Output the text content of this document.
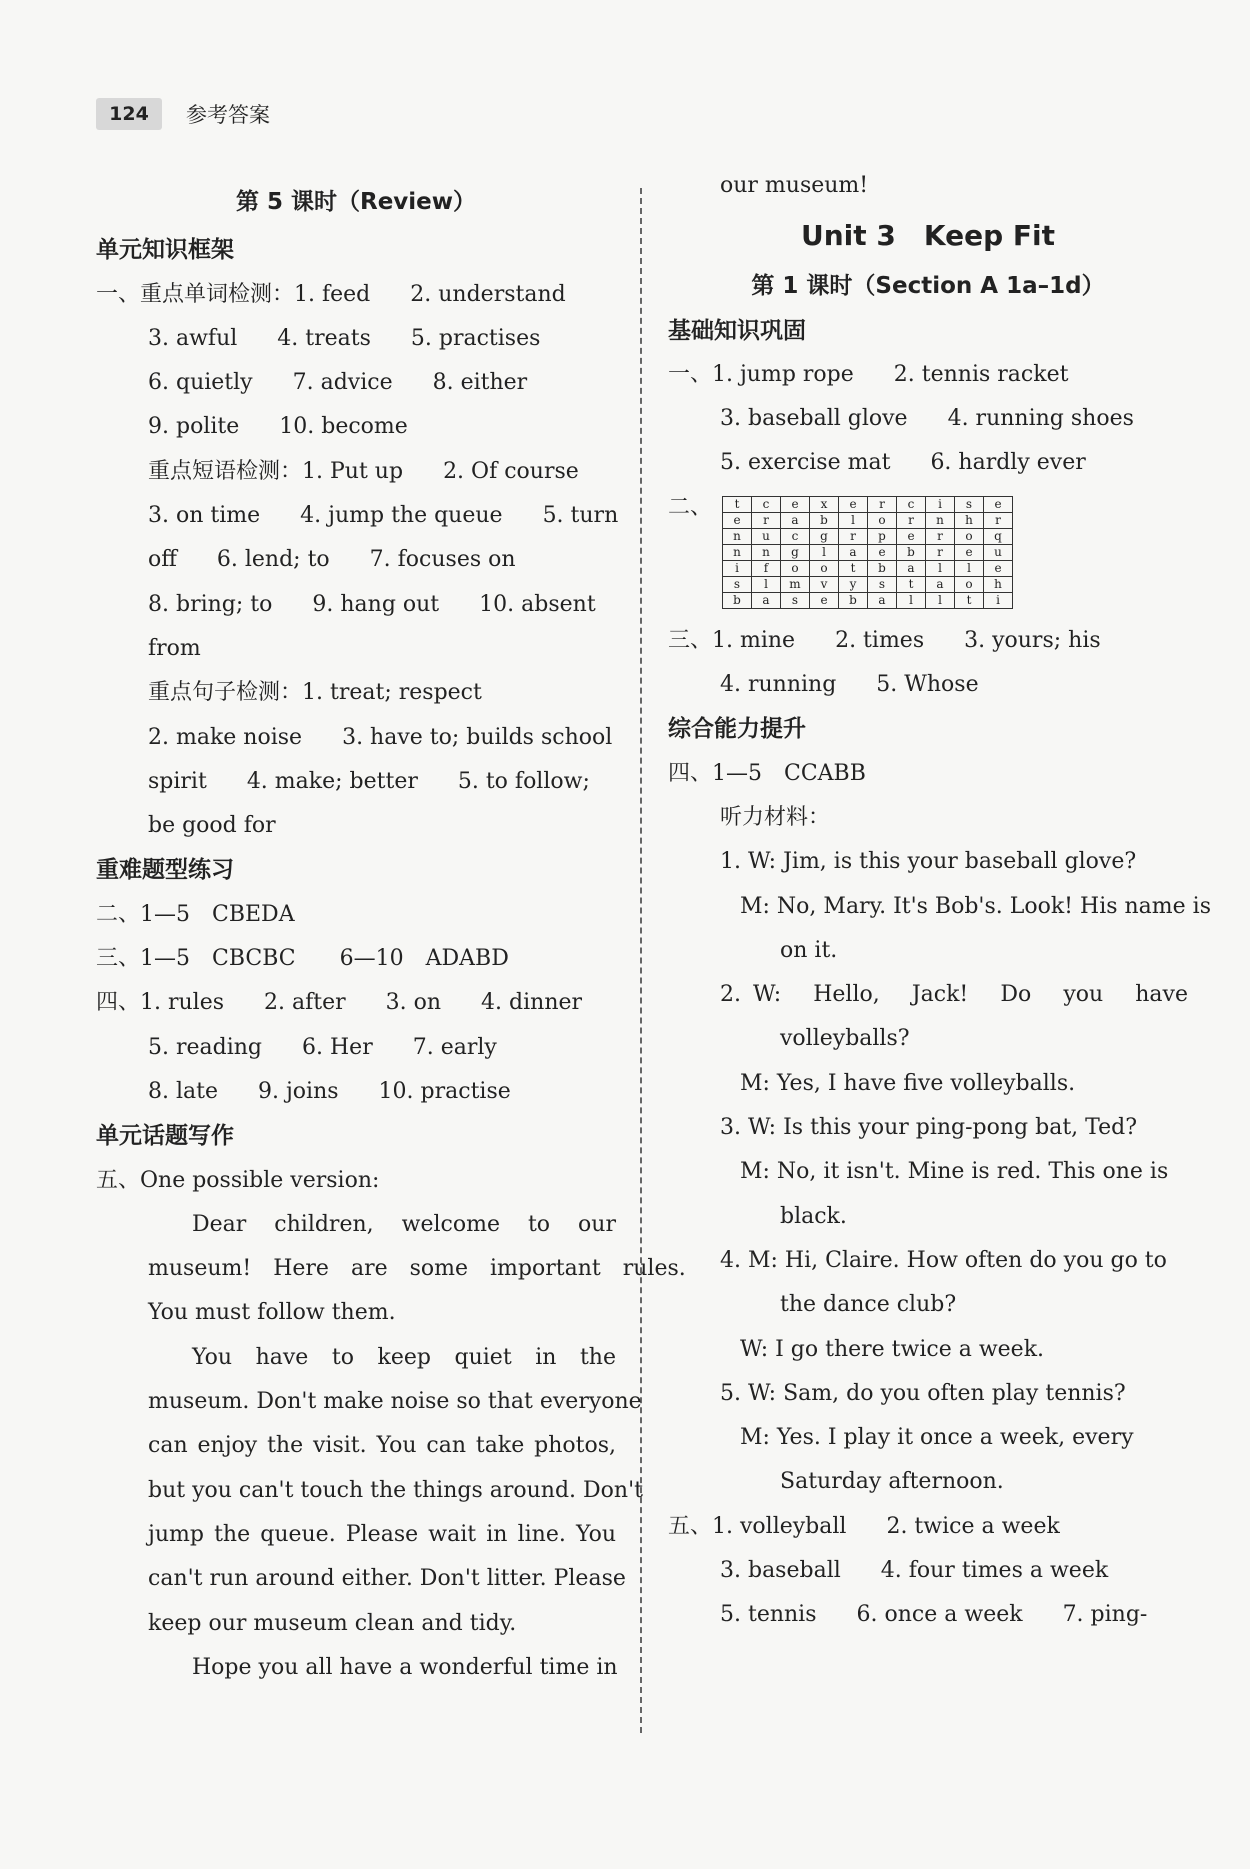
124	参考答案
第 5 课时（Review）
单元知识框架
一、重点单词检测：1. feed 2. understand
3. awful 4. treats 5. practises
6. quietly 7. advice 8. either
9. polite 10. become
重点短语检测：1. Put up 2. Of course
3. on time 4. jump the queue 5. turn
off 6. lend; to 7. focuses on
8. bring; to 9. hang out 10. absent
from
重点句子检测：1. treat; respect
2. make noise 3. have to; builds school
spirit 4. make; better 5. to follow;
be good for
重难题型练习
二、1—5　CBEDA
三、1—5　CBCBC　　6—10　ADABD
四、1. rules 2. after 3. on 4. dinner
5. reading 6. Her 7. early
8. late 9. joins 10. practise
单元话题写作
五、One possible version:
Dear　children,　welcome　to　our
museum!　Here　are　some　important　rules.
You must follow them.
You　have　to　keep　quiet　in　the
museum. Don't make noise so that everyone
can enjoy the visit. You can take photos,
but you can't touch the things around. Don't
jump the queue. Please wait in line. You
can't run around either. Don't litter. Please
keep our museum clean and tidy.
Hope you all have a wonderful time in
our museum!
Unit 3　Keep Fit
第 1 课时（Section A 1a–1d）
基础知识巩固
一、1. jump rope 2. tennis racket
3. baseball glove 4. running shoes
5. exercise mat 6. hardly ever
二、	t	c	e	x	e	r	c	i	s	e
e	r	a	b	l	o	r	n	h	r
n	u	c	g	r	p	e	r	o	q
n	n	g	l	a	e	b	r	e	u
i	f	o	o	t	b	a	l	l	e
s	l	m	v	y	s	t	a	o	h
b	a	s	e	b	a	l	l	t	i
三、1. mine 2. times 3. yours; his
4. running 5. Whose
综合能力提升
四、1—5　CCABB
听力材料：
1. W: Jim, is this your baseball glove?
M: No, Mary. It's Bob's. Look! His name is
on it.
2. W:　Hello,　Jack!　Do　you　have
volleyballs?
M: Yes, I have five volleyballs.
3. W: Is this your ping-pong bat, Ted?
M: No, it isn't. Mine is red. This one is
black.
4. M: Hi, Claire. How often do you go to
the dance club?
W: I go there twice a week.
5. W: Sam, do you often play tennis?
M: Yes. I play it once a week, every
Saturday afternoon.
五、1. volleyball 2. twice a week
3. baseball 4. four times a week
5. tennis 6. once a week 7. ping-
